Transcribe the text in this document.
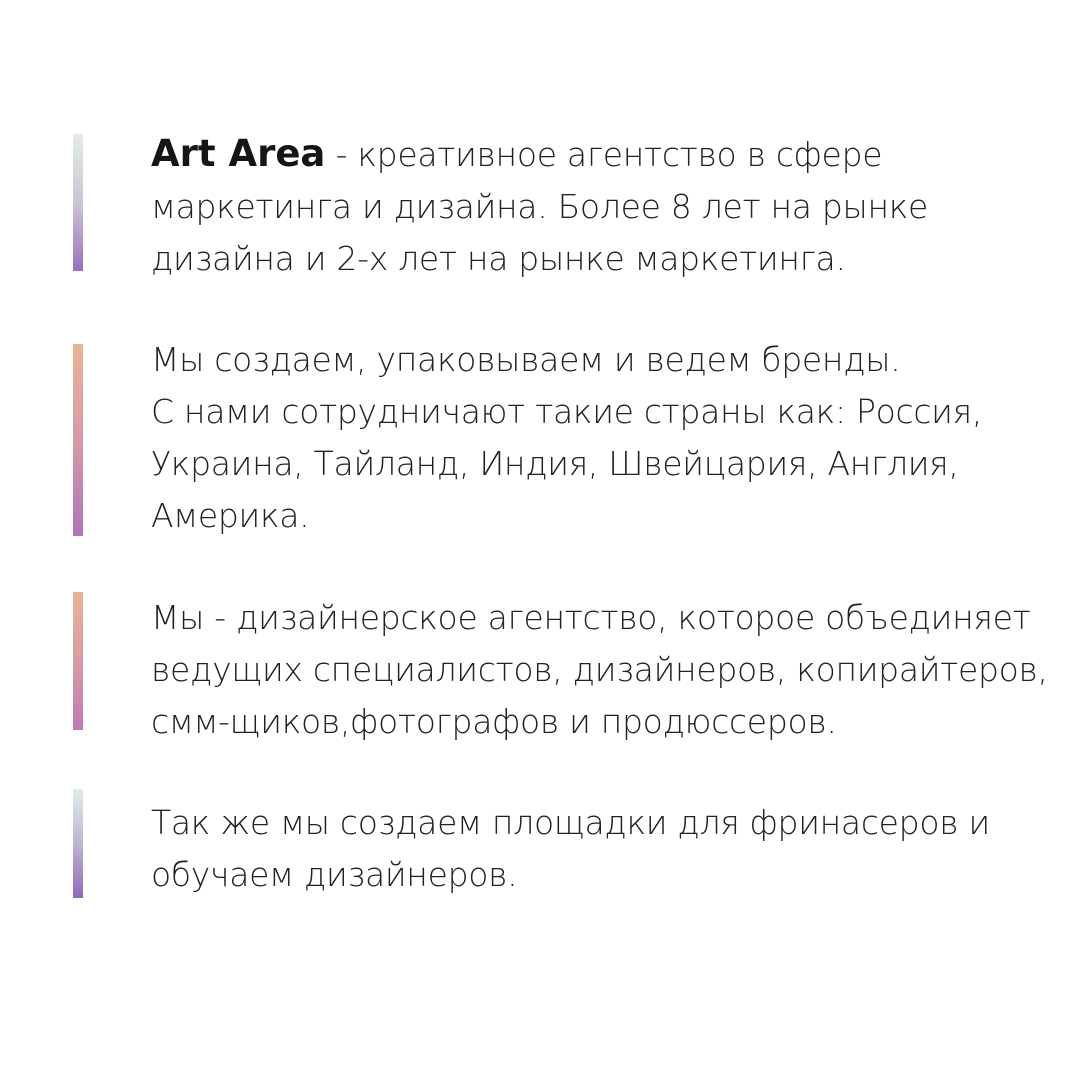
Art Area - креативное агентство в сфере
маркетинга и дизайна. Более 8 лет на рынке
дизайна и 2-х лет на рынке маркетинга.
Мы создаем, упаковываем и ведем бренды.
С нами сотрудничают такие страны как: Россия,
Украина, Тайланд, Индия, Швейцария, Англия,
Америка.
Мы - дизайнерское агентство, которое объединяет
ведущих специалистов, дизайнеров, копирайтеров,
смм-щиков,фотографов и продюссеров.
Так же мы создаем площадки для фринасеров и
обучаем дизайнеров.
